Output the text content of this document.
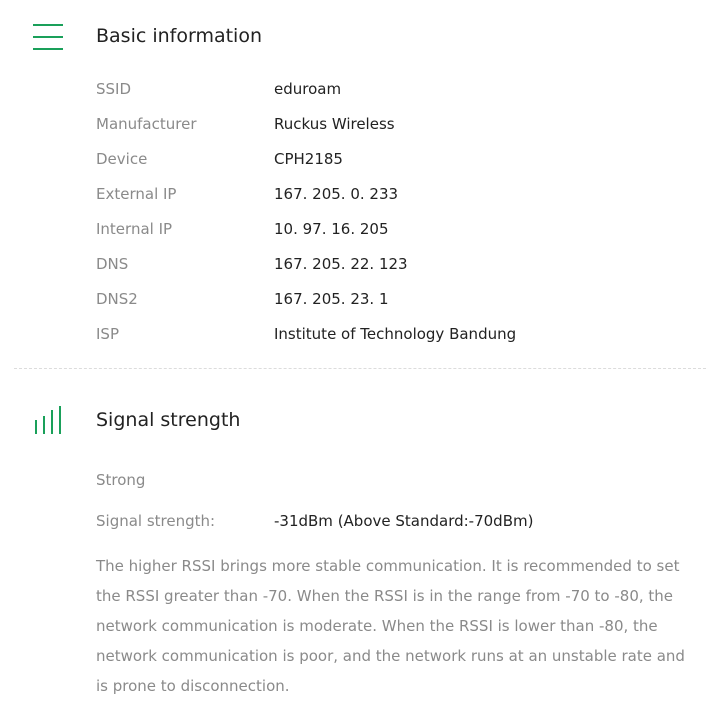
Basic information
SSID	eduroam
Manufacturer	Ruckus Wireless
Device	CPH2185
External IP	167. 205. 0. 233
Internal IP	10. 97. 16. 205
DNS	167. 205. 22. 123
DNS2	167. 205. 23. 1
ISP	Institute of Technology Bandung
Signal strength
Strong
Signal strength:	-31dBm (Above Standard:-70dBm)
The higher RSSI brings more stable communication. It is recommended to set the RSSI greater than -70. When the RSSI is in the range from -70 to -80, the network communication is moderate. When the RSSI is lower than -80, the network communication is poor, and the network runs at an unstable rate and is prone to disconnection.
